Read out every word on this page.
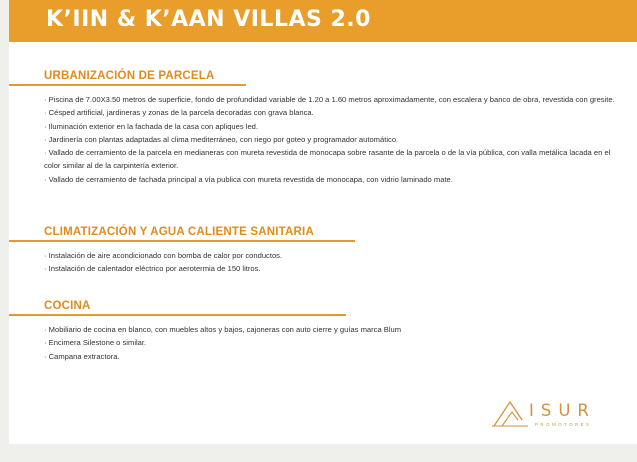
K’IIN & K’AAN VILLAS 2.0
URBANIZACIÓN DE PARCELA
· Piscina de 7.00X3.50 metros de superficie, fondo de profundidad variable de 1.20 a 1.60 metros aproximadamente, con escalera y banco de obra, revestida con gresite.
· Césped artificial, jardineras y zonas de la parcela decoradas con grava blanca.
· Iluminación exterior en la fachada de la casa con apliques led.
· Jardinería con plantas adaptadas al clima mediterráneo, con riego por goteo y programador automático.
· Vallado de cerramiento de la parcela en medianeras con mureta revestida de monocapa sobre rasante de la parcela o de la vía pública, con valla metálica lacada en el color similar al de la carpintería exterior.
· Vallado de cerramiento de fachada principal a vía publica con mureta revestida de monocapa, con vidrio laminado mate.
CLIMATIZACIÓN Y AGUA CALIENTE SANITARIA
· Instalación de aire acondicionado con bomba de calor por conductos.
· Instalación de calentador eléctrico por aerotermia de 150 litros.
COCINA
· Mobiliario de cocina en blanco, con muebles altos y bajos, cajoneras con auto cierre y guías marca Blum
· Encimera Silestone o similar.
· Campana extractora.
ISUR
PROMOTORES
